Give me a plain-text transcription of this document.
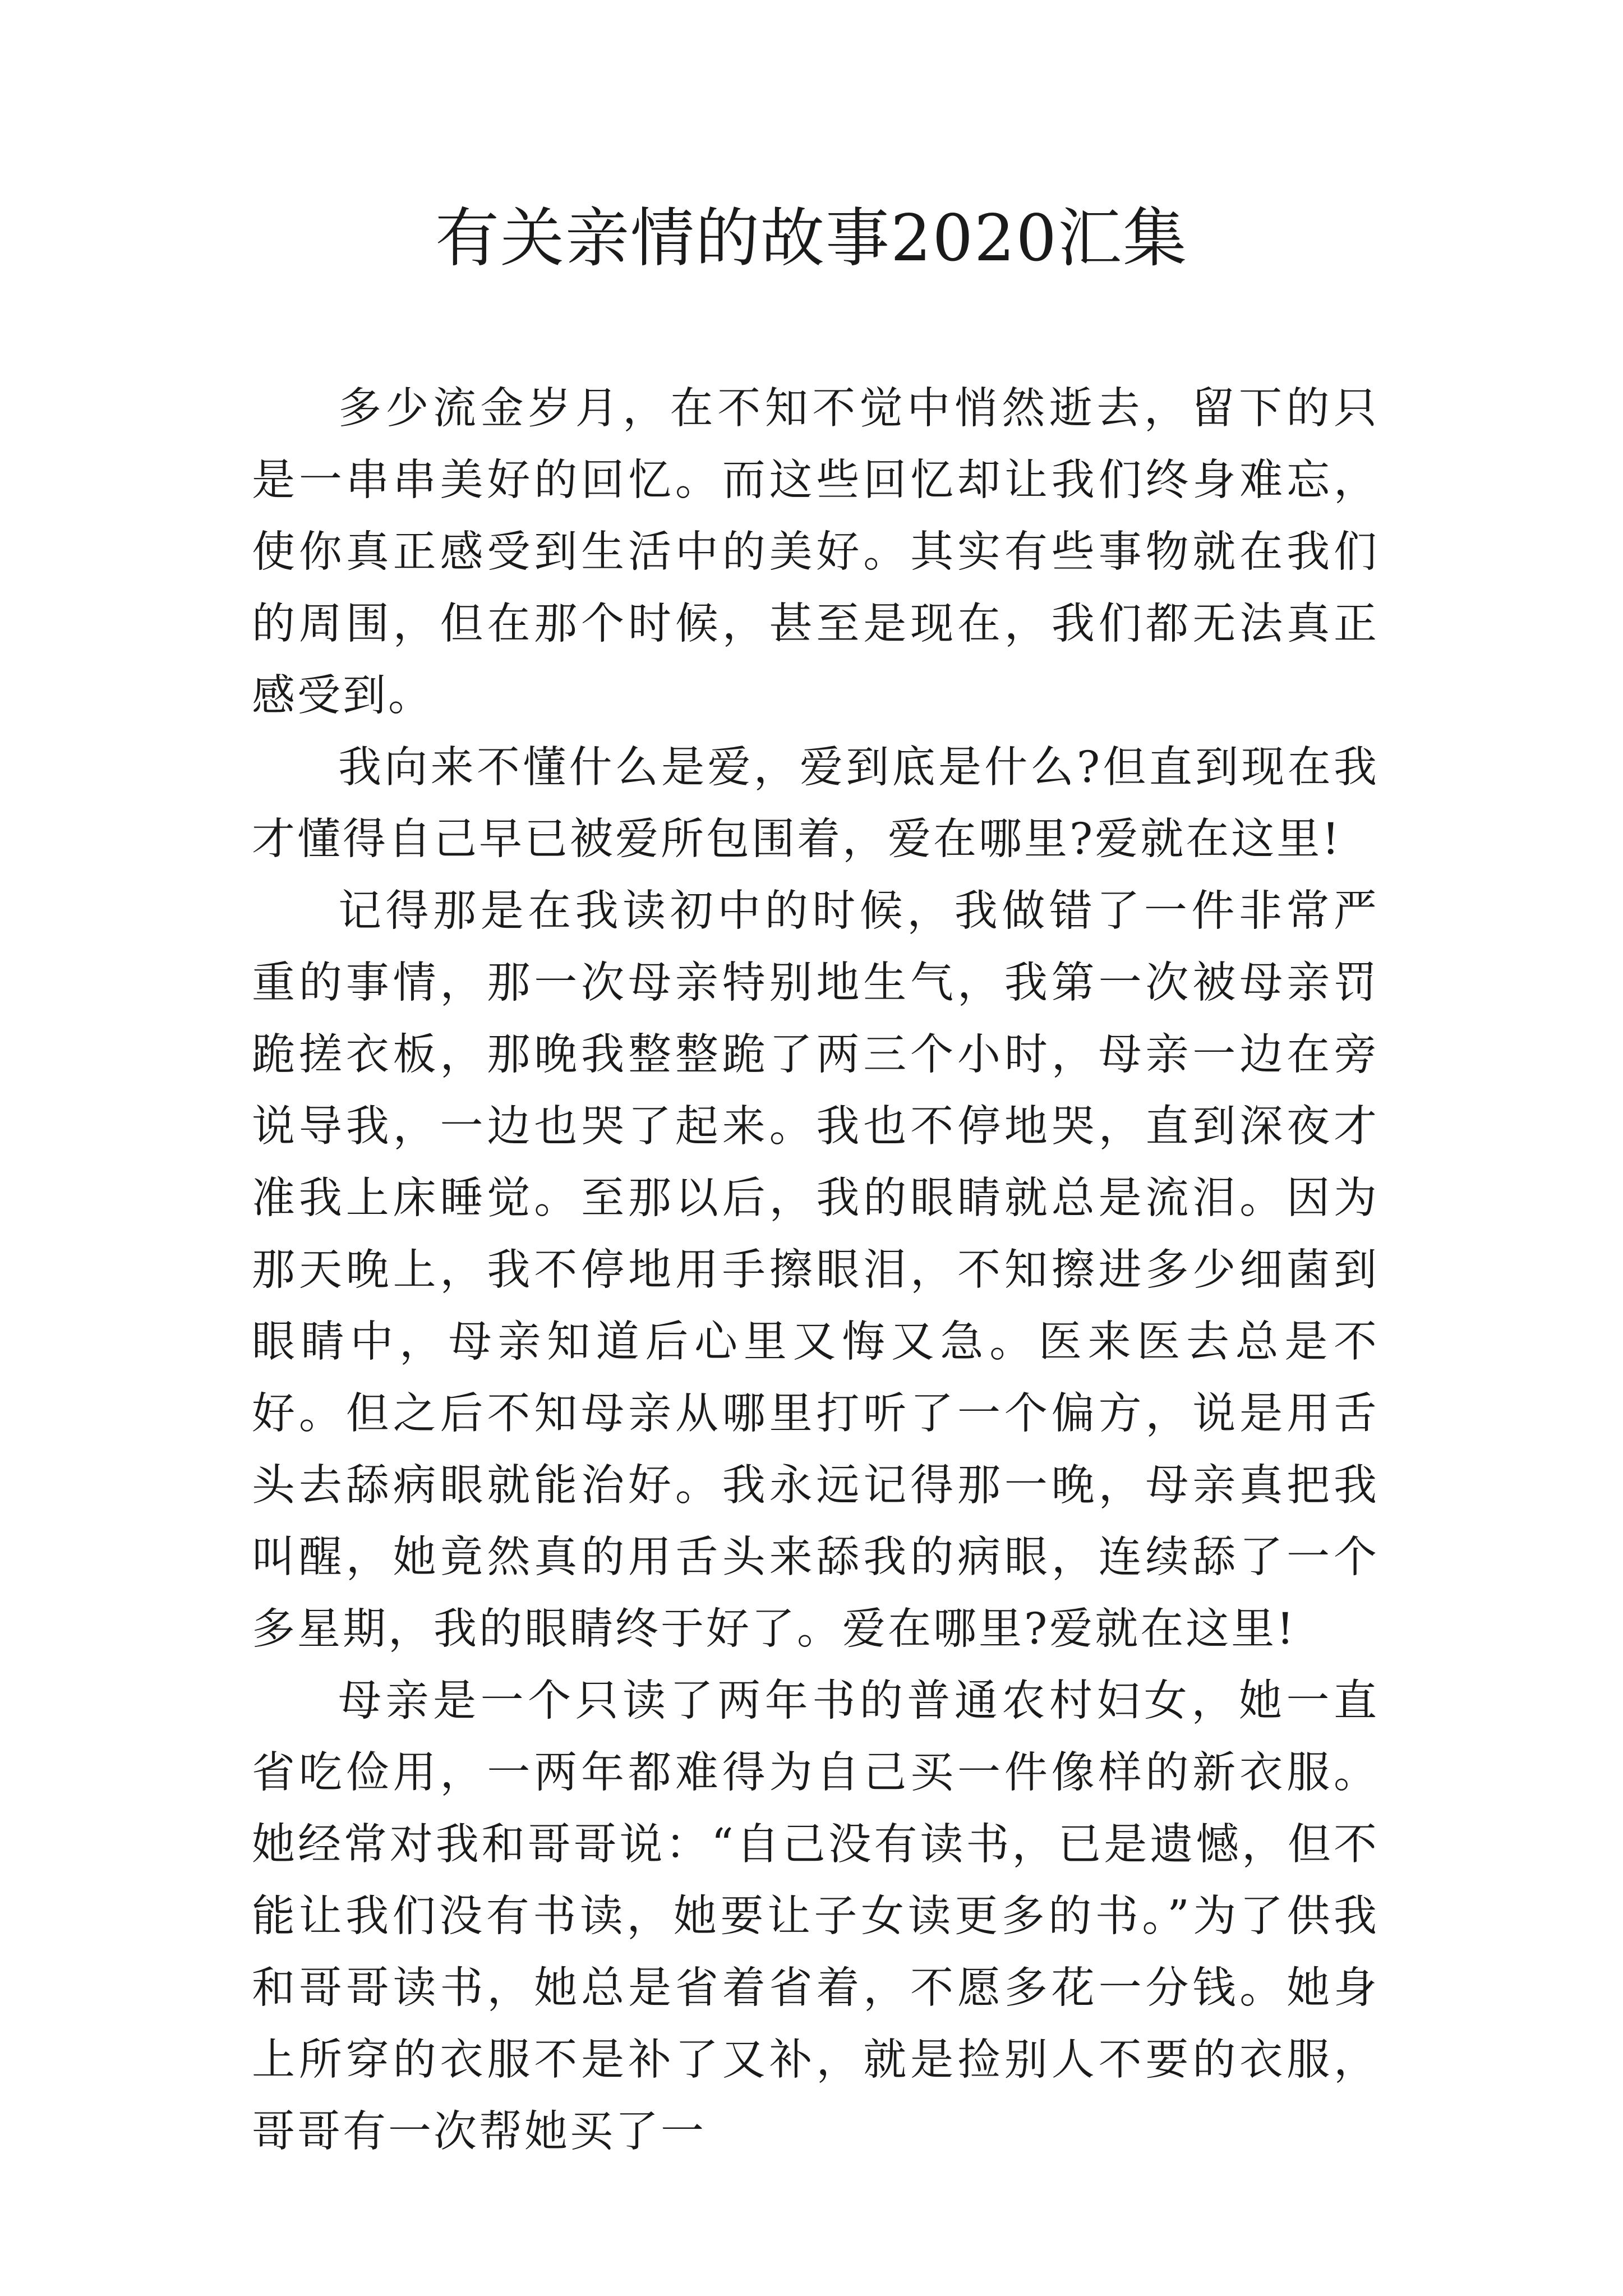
有关亲情的故事2020汇集

多少流金岁月，在不知不觉中悄然逝去，留下的只是一串串美好的回忆。而这些回忆却让我们终身难忘，使你真正感受到生活中的美好。其实有些事物就在我们的周围，但在那个时候，甚至是现在，我们都无法真正感受到。

我向来不懂什么是爱，爱到底是什么?但直到现在我才懂得自己早已被爱所包围着，爱在哪里?爱就在这里!

记得那是在我读初中的时候，我做错了一件非常严重的事情，那一次母亲特别地生气，我第一次被母亲罚跪搓衣板，那晚我整整跪了两三个小时，母亲一边在旁说导我，一边也哭了起来。我也不停地哭，直到深夜才准我上床睡觉。至那以后，我的眼睛就总是流泪。因为那天晚上，我不停地用手擦眼泪，不知擦进多少细菌到眼睛中，母亲知道后心里又悔又急。医来医去总是不好。但之后不知母亲从哪里打听了一个偏方，说是用舌头去舔病眼就能治好。我永远记得那一晚，母亲真把我叫醒，她竟然真的用舌头来舔我的病眼，连续舔了一个多星期，我的眼睛终于好了。爱在哪里?爱就在这里!

母亲是一个只读了两年书的普通农村妇女，她一直省吃俭用，一两年都难得为自己买一件像样的新衣服。她经常对我和哥哥说：“自己没有读书，已是遗憾，但不能让我们没有书读，她要让子女读更多的书。”为了供我和哥哥读书，她总是省着省着，不愿多花一分钱。她身上所穿的衣服不是补了又补，就是捡别人不要的衣服，哥哥有一次帮她买了一
